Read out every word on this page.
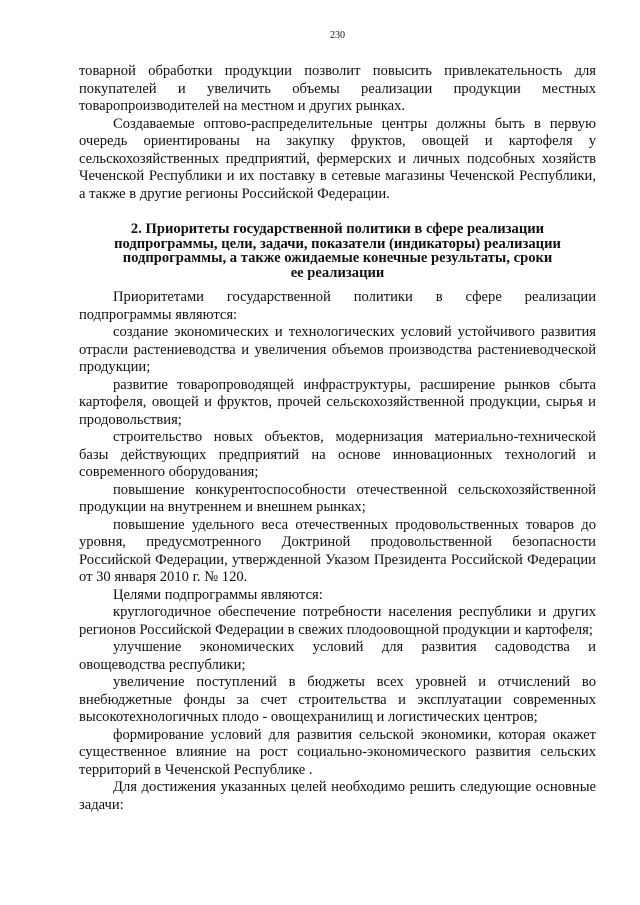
230

товарной обработки продукции позволит повысить привлекательность для покупателей и увеличить объемы реализации продукции местных товаропроизводителей на местном и других рынках.

Создаваемые оптово-распределительные центры должны быть в первую очередь ориентированы на закупку фруктов, овощей и картофеля у сельскохозяйственных предприятий, фермерских и личных подсобных хозяйств Чеченской Республики и их поставку в сетевые магазины Чеченской Республики, а также в другие регионы Российской Федерации.

2. Приоритеты государственной политики в сфере реализации
подпрограммы, цели, задачи, показатели (индикаторы) реализации
подпрограммы, а также ожидаемые конечные результаты, сроки
ее реализации

Приоритетами государственной политики в сфере реализации подпрограммы являются:

создание экономических и технологических условий устойчивого развития отрасли растениеводства и увеличения объемов производства растениеводческой продукции;

развитие товаропроводящей инфраструктуры, расширение рынков сбыта картофеля, овощей и фруктов, прочей сельскохозяйственной продукции, сырья и продовольствия;

строительство новых объектов, модернизация материально-технической базы действующих предприятий на основе инновационных технологий и современного оборудования;

повышение конкурентоспособности отечественной сельскохозяйственной продукции на внутреннем и внешнем рынках;

повышение удельного веса отечественных продовольственных товаров до уровня, предусмотренного Доктриной продовольственной безопасности Российской Федерации, утвержденной Указом Президента Российской Федерации от 30 января 2010 г. № 120.

Целями подпрограммы являются:

круглогодичное обеспечение потребности населения республики и других регионов Российской Федерации в свежих плодоовощной продукции и картофеля;

улучшение экономических условий для развития садоводства и овощеводства республики;

увеличение поступлений в бюджеты всех уровней и отчислений во внебюджетные фонды за счет строительства и эксплуатации современных высокотехнологичных плодо - овощехранилищ и логистических центров;

формирование условий для развития сельской экономики, которая окажет существенное влияние на рост социально-экономического развития сельских территорий в Чеченской Республике .

Для достижения указанных целей необходимо решить следующие основные задачи:
